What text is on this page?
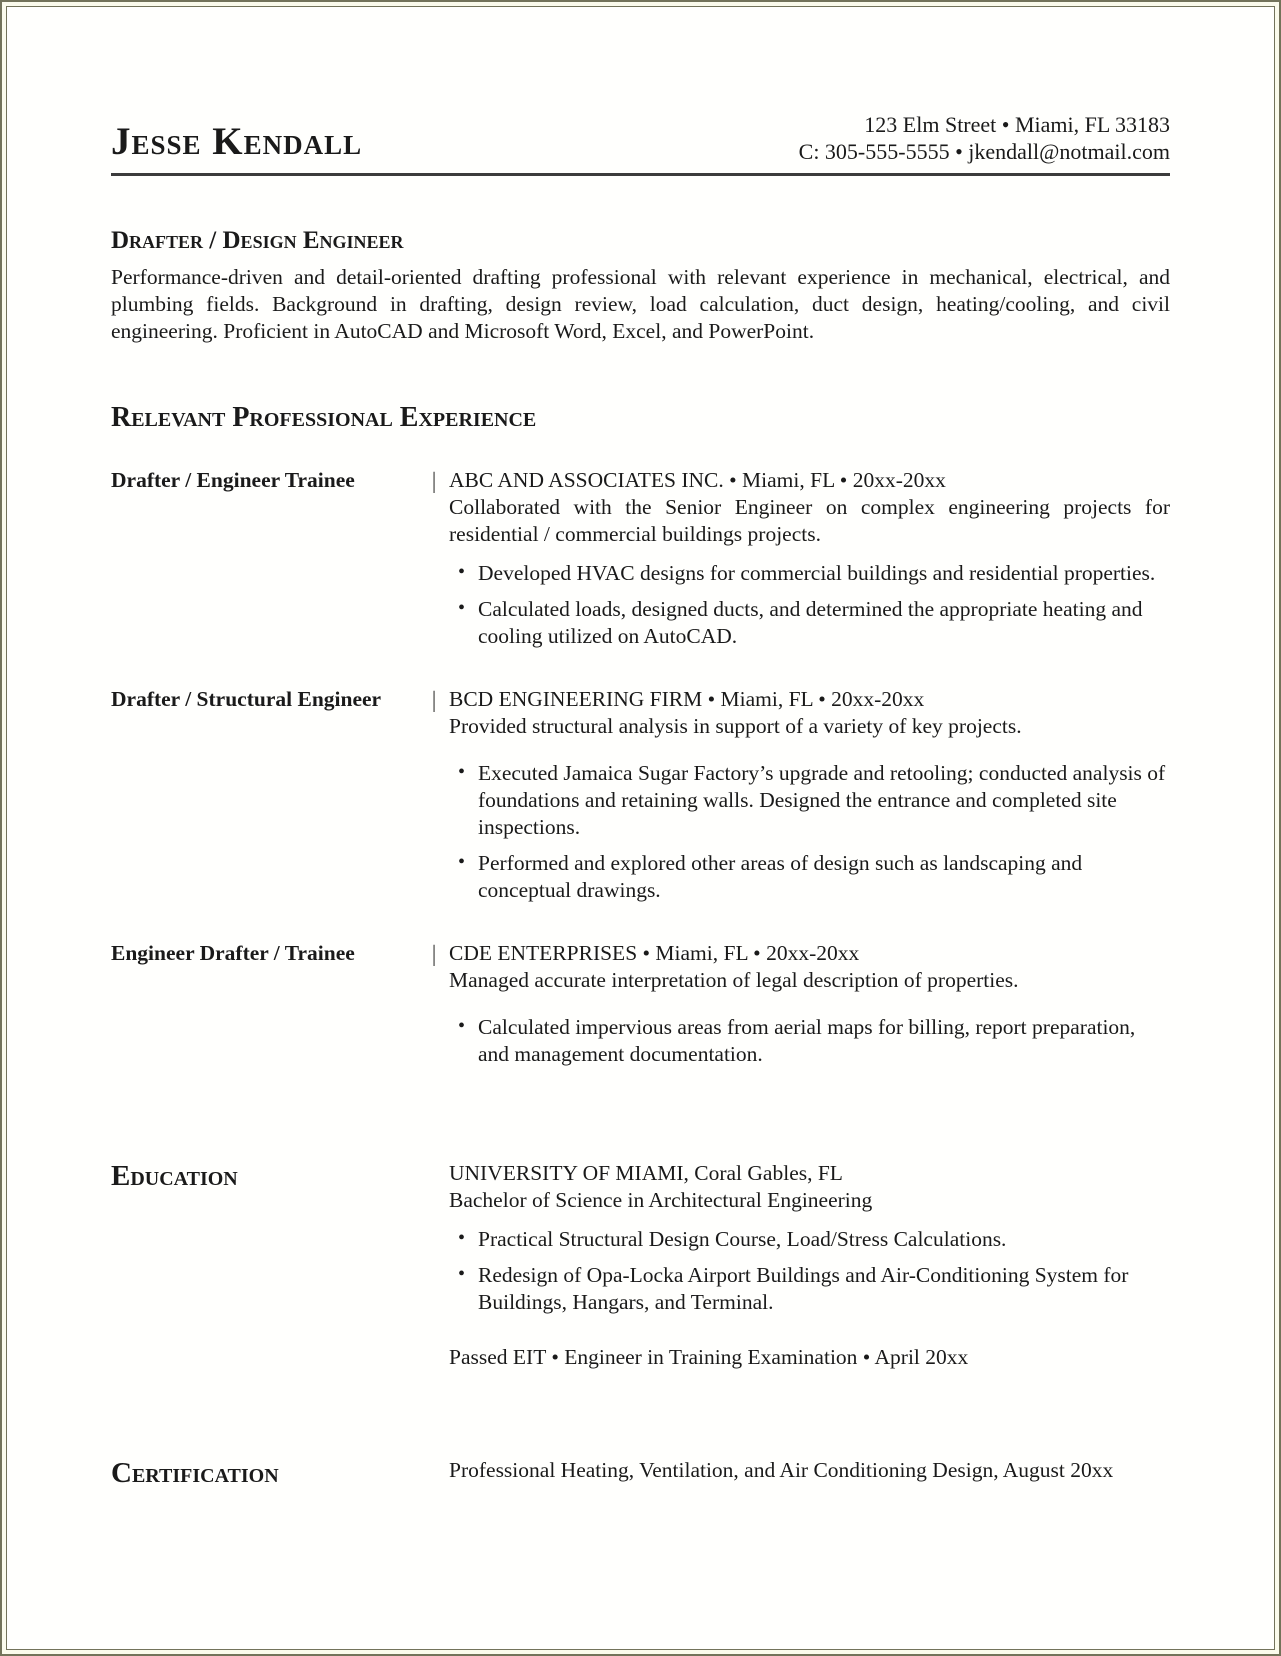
Jesse Kendall	123 Elm Street • Miami, FL 33183
C: 305-555-5555 • jkendall@notmail.com
Drafter / Design Engineer

Performance-driven and detail-oriented drafting professional with relevant experience in mechanical, electrical, and plumbing fields. Background in drafting, design review, load calculation, duct design, heating/cooling, and civil engineering. Proficient in AutoCAD and Microsoft Word, Excel, and PowerPoint.

Relevant Professional Experience
Drafter / Engineer Trainee	| ABC AND ASSOCIATES INC. • Miami, FL • 20xx-20xx

Collaborated with the Senior Engineer on complex engineering projects for residential / commercial buildings projects.

• Developed HVAC designs for commercial buildings and residential properties.
• Calculated loads, designed ducts, and determined the appropriate heating and cooling utilized on AutoCAD.
Drafter / Structural Engineer	| BCD ENGINEERING FIRM • Miami, FL • 20xx-20xx

Provided structural analysis in support of a variety of key projects.

• Executed Jamaica Sugar Factory’s upgrade and retooling; conducted analysis of foundations and retaining walls. Designed the entrance and completed site inspections.
• Performed and explored other areas of design such as landscaping and conceptual drawings.
Engineer Drafter / Trainee	| CDE ENTERPRISES • Miami, FL • 20xx-20xx

Managed accurate interpretation of legal description of properties.

• Calculated impervious areas from aerial maps for billing, report preparation, and management documentation.
Education	UNIVERSITY OF MIAMI, Coral Gables, FL
Bachelor of Science in Architectural Engineering
• Practical Structural Design Course, Load/Stress Calculations.
• Redesign of Opa-Locka Airport Buildings and Air-Conditioning System for Buildings, Hangars, and Terminal.
Passed EIT • Engineer in Training Examination • April 20xx
Certification	Professional Heating, Ventilation, and Air Conditioning Design, August 20xx
